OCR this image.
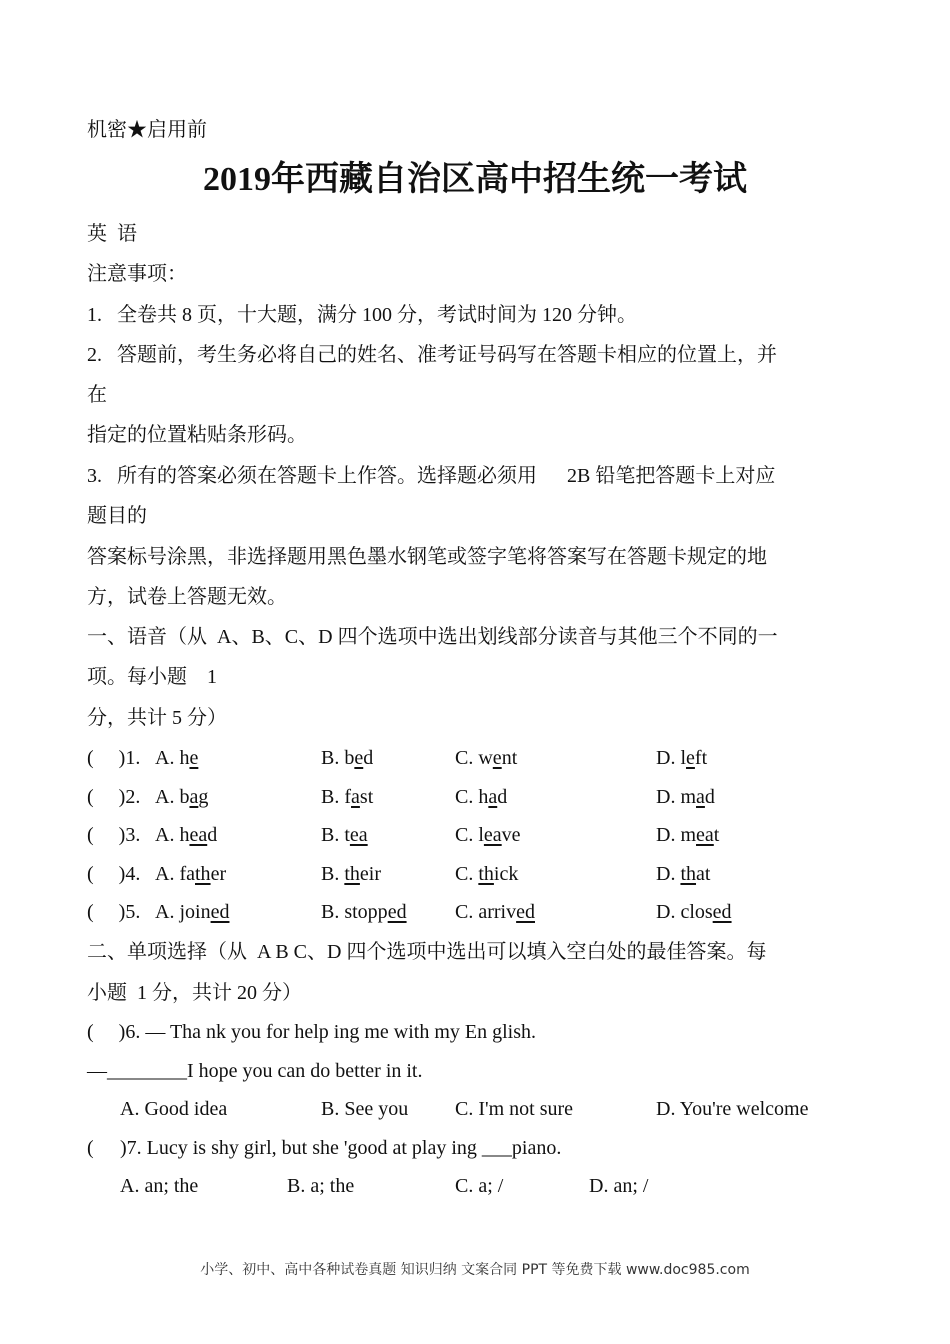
机密★启用前
2019年西藏自治区高中招生统一考试
英  语
注意事项：
1.   全卷共 8 页，十大题，满分 100 分，考试时间为 120 分钟。
2.   答题前，考生务必将自己的姓名、准考证号码写在答题卡相应的位置上，并
在
指定的位置粘贴条形码。
3.   所有的答案必须在答题卡上作答。选择题必须用      2B 铅笔把答题卡上对应
题目的
答案标号涂黑，非选择题用黑色墨水钢笔或签字笔将答案写在答题卡规定的地
方，试卷上答题无效。
一、语音（从  A、B、C、D 四个选项中选出划线部分读音与其他三个不同的一
项。每小题    1
分，共计 5 分）
(     )1. A. he	B. bed	C. went	D. left
(     )2. A. bag	B. fast	C. had	D. mad
(     )3. A. head	B. tea	C. leave	D. meat
(     )4. A. father	B. their	C. thick	D. that
(     )5. A. joined	B. stopped C. arrived	D. closed
二、单项选择（从  A B C、D 四个选项中选出可以填入空白处的最佳答案。每
小题  1 分，共计 20 分）
(     )6. — Tha nk you for help ing me with my En glish.
—________I hope you can do better in it.
A. Good idea	B. See you C. I'm not sure	D. You're welcome
( )7. Lucy is shy girl, but she 'good at play ing ___piano.
A. an; the	B. a; the	C. a; /	D. an; /
小学、初中、高中各种试卷真题 知识归纳 文案合同 PPT 等免费下载 www.doc985.com
